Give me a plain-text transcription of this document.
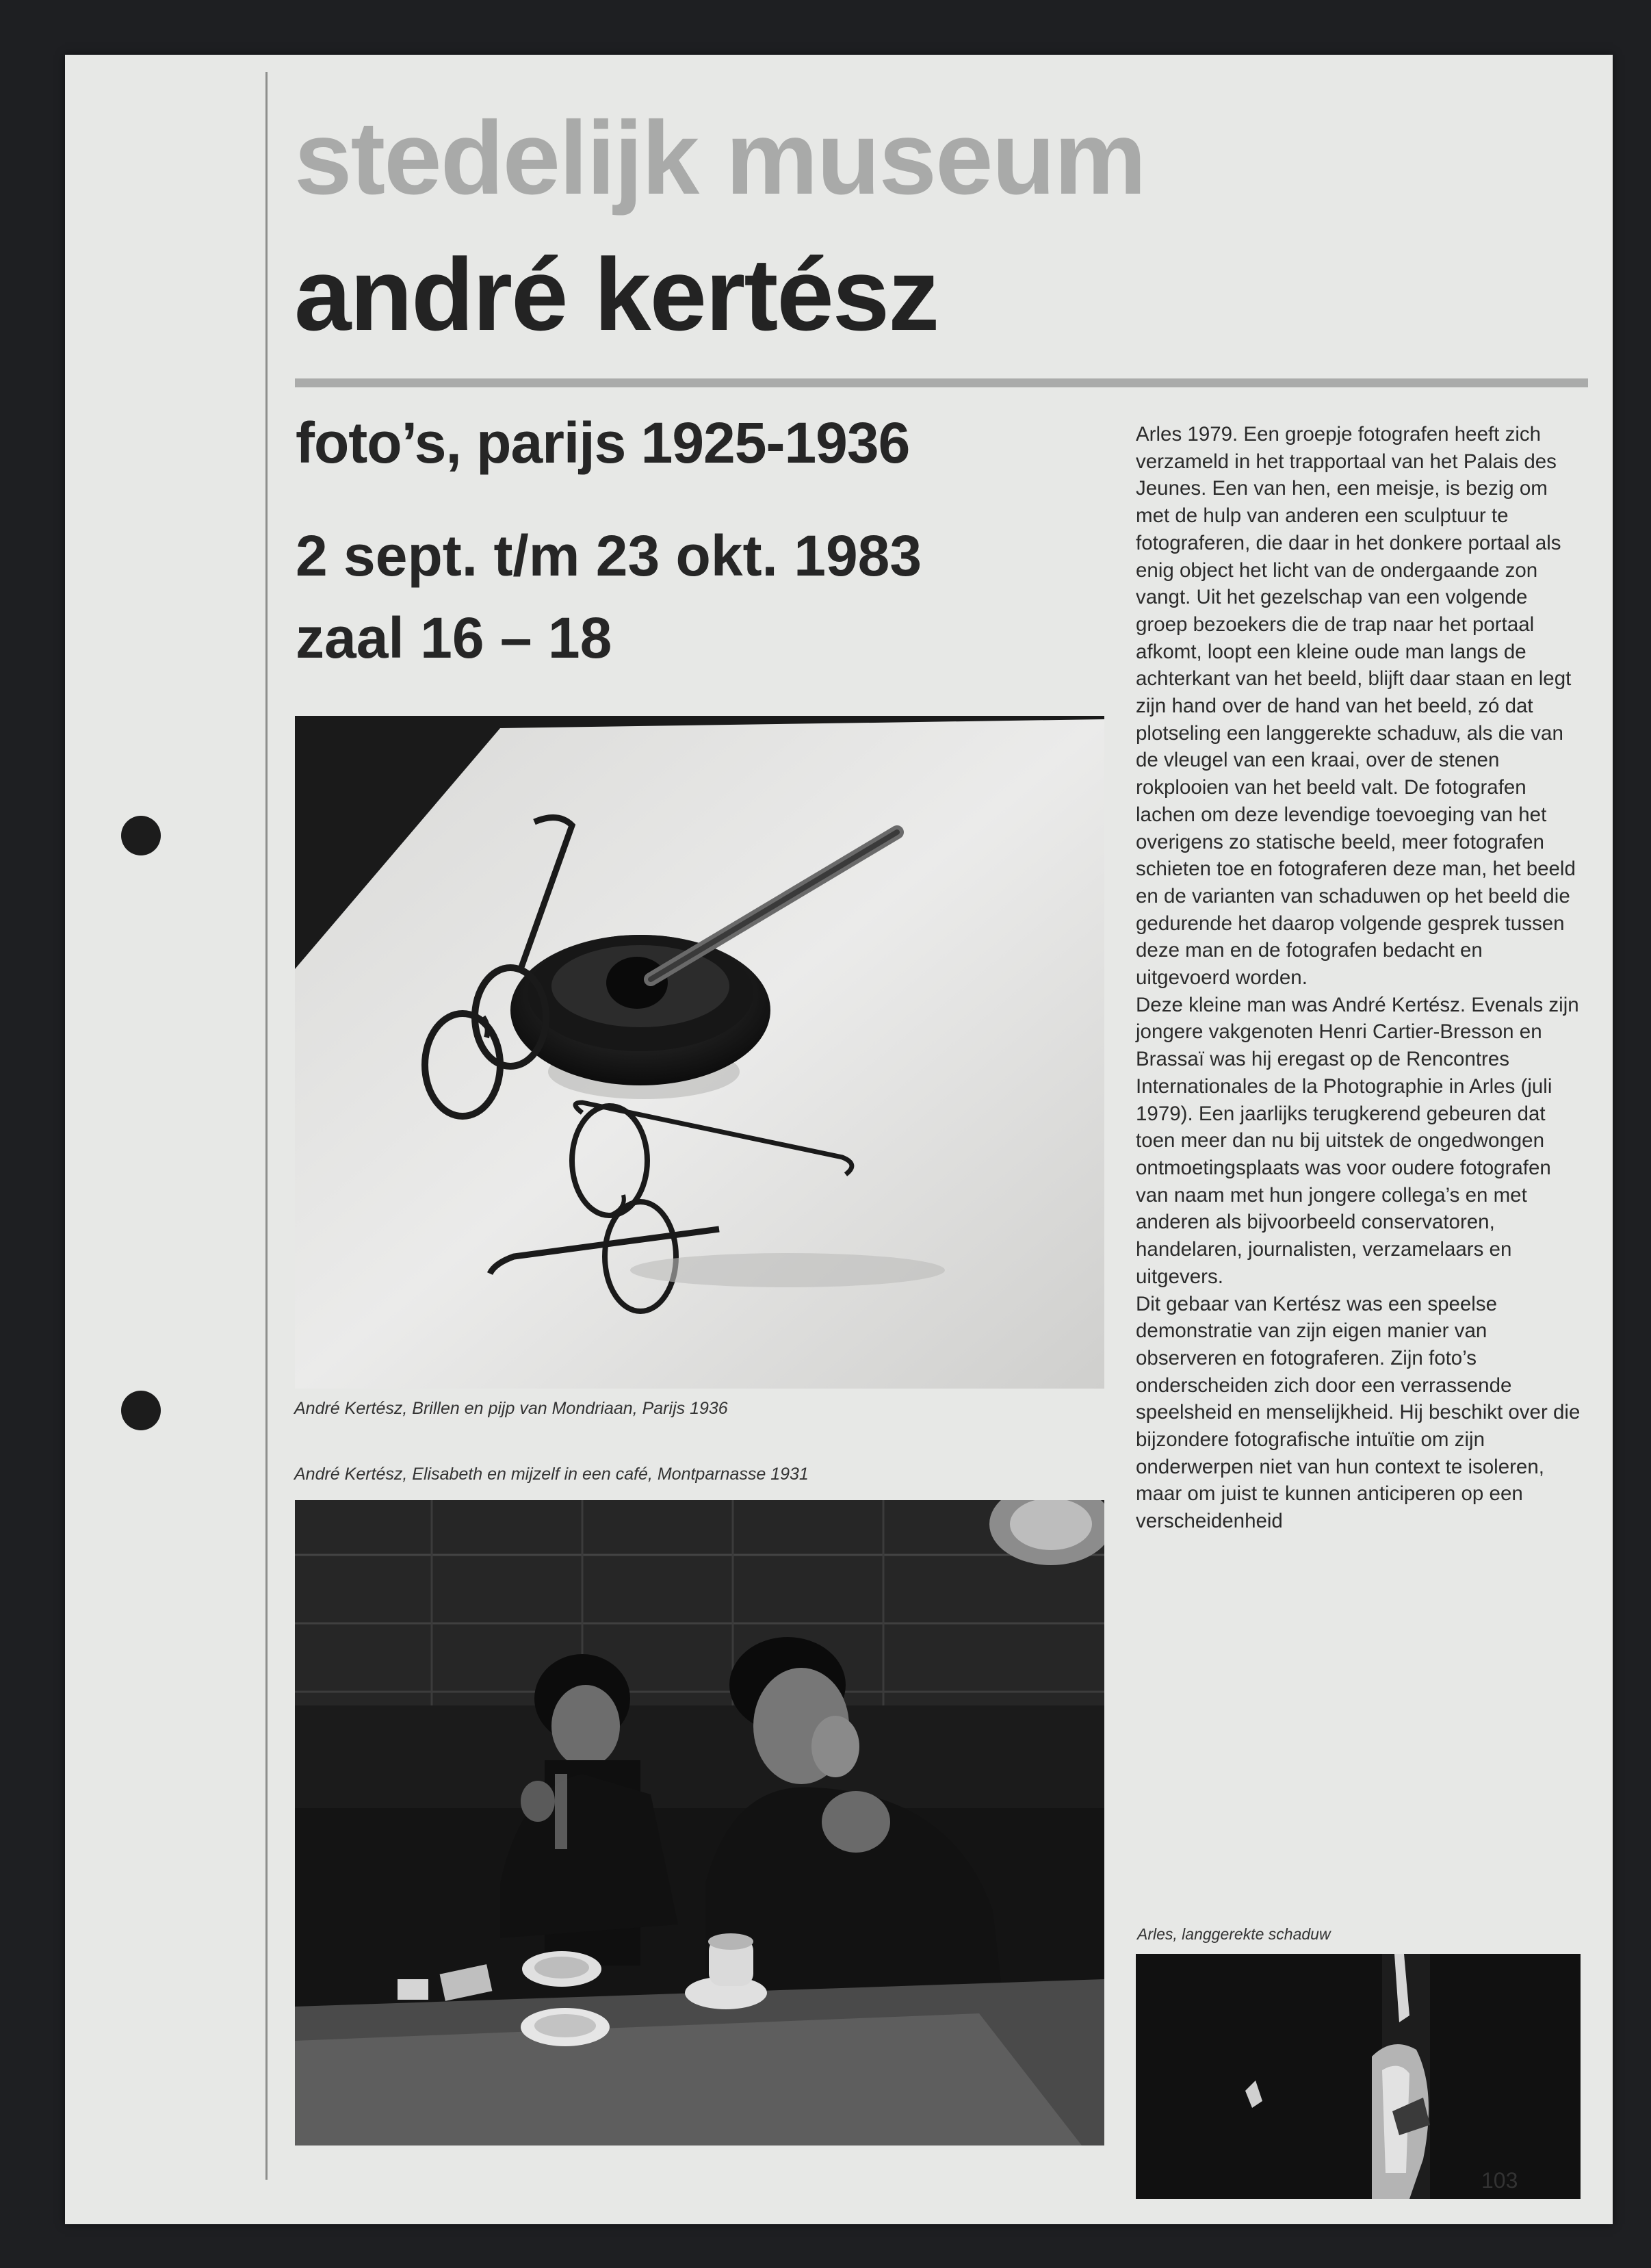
stedelijk museum
andré kertész

foto’s, parijs 1925-1936

2 sept. t/m 23 okt. 1983

zaal 16 – 18

André Kertész, Brillen en pijp van Mondriaan, Parijs 1936

André Kertész, Elisabeth en mijzelf in een café, Montparnasse 1931

Arles 1979. Een groepje fotografen heeft zich verzameld in het trapportaal van het Palais des Jeunes. Een van hen, een meisje, is bezig om met de hulp van anderen een sculptuur te fotograferen, die daar in het donkere portaal als enig object het licht van de ondergaande zon vangt. Uit het gezelschap van een volgende groep bezoekers die de trap naar het portaal afkomt, loopt een kleine oude man langs de achterkant van het beeld, blijft daar staan en legt zijn hand over de hand van het beeld, zó dat plotseling een langgerekte schaduw, als die van de vleugel van een kraai, over de stenen rokplooien van het beeld valt. De fotografen lachen om deze levendige toevoeging van het overigens zo statische beeld, meer fotografen schieten toe en fotograferen deze man, het beeld en de varianten van schaduwen op het beeld die gedurende het daarop volgende gesprek tussen deze man en de fotografen bedacht en uitgevoerd worden.
Deze kleine man was André Kertész. Evenals zijn jongere vakgenoten Henri Cartier-Bresson en Brassaï was hij eregast op de Rencontres Internationales de la Photographie in Arles (juli 1979). Een jaarlijks terugkerend gebeuren dat toen meer dan nu bij uitstek de ongedwongen ontmoetingsplaats was voor oudere fotografen van naam met hun jongere collega’s en met anderen als bijvoorbeeld conservatoren, handelaren, journalisten, verzamelaars en uitgevers.
Dit gebaar van Kertész was een speelse demonstratie van zijn eigen manier van observeren en fotograferen. Zijn foto’s onderscheiden zich door een verrassende speelsheid en menselijkheid. Hij beschikt over die bijzondere fotografische intuïtie om zijn onderwerpen niet van hun context te isoleren, maar om juist te kunnen anticiperen op een verscheidenheid

Arles, langgerekte schaduw

103
